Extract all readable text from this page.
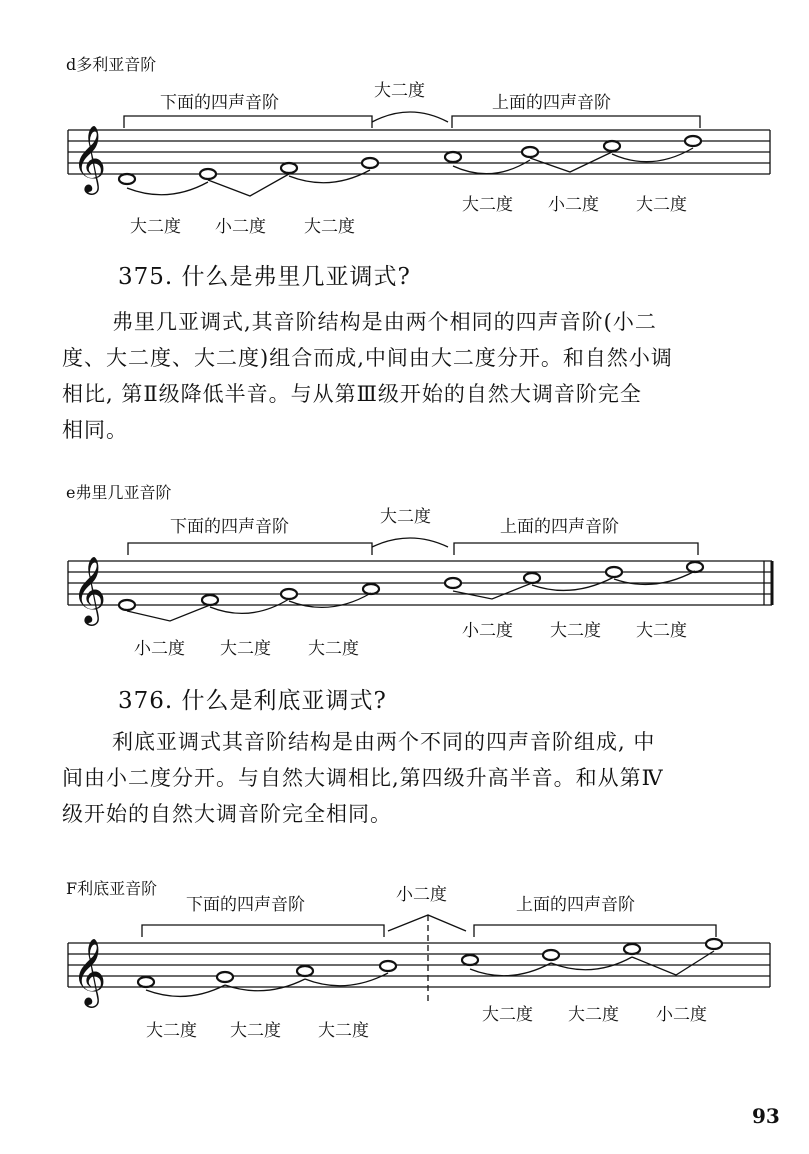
d多利亚音阶
下面的四声音阶
大二度
上面的四声音阶
𝄞
大二度 小二度 大二度
大二度 小二度 大二度
375. 什么是弗里几亚调式?
弗里几亚调式,其音阶结构是由两个相同的四声音阶(小二
度、大二度、大二度)组合而成,中间由大二度分开。和自然小调
相比, 第Ⅱ级降低半音。与从第Ⅲ级开始的自然大调音阶完全
相同。
e弗里几亚音阶
下面的四声音阶	大二度	上面的四声音阶
𝄞
小二度 大二度 大二度
小二度 大二度 大二度
376. 什么是利底亚调式?
利底亚调式其音阶结构是由两个不同的四声音阶组成, 中
间由小二度分开。与自然大调相比,第四级升高半音。和从第Ⅳ
级开始的自然大调音阶完全相同。
F利底亚音阶
下面的四声音阶	小二度	上面的四声音阶
𝄞
大二度 大二度 大二度
大二度 大二度 小二度
93
